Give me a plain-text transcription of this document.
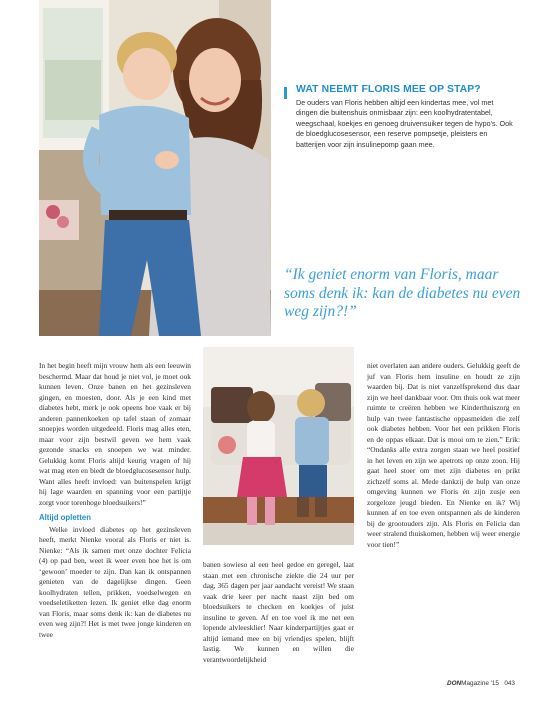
WAT NEEMT FLORIS MEE OP STAP?

De ouders van Floris hebben altijd een kindertas mee, vol met dingen die buitenshuis onmisbaar zijn: een koolhydratentabel, weegschaal, koekjes en genoeg druivensuiker tegen de hypo's. Ook de bloedglucosesensor, een reserve pompsetje, pleisters en batterijen voor zijn insulinepomp gaan mee.

“Ik geniet enorm van Floris, maar soms denk ik: kan de diabetes nu even weg zijn?!”

In het begin heeft mijn vrouw hem als een leeuwin beschermd. Maar dat houd je niet vol, je moet ook kunnen leven. Onze banen en het gezinsleven gingen, en moesten, door. Als je een kind met diabetes hebt, merk je ook opeens hoe vaak er bij anderen pannenkoeken op tafel staan of zomaar snoepjes worden uitgedeeld. Floris mag alles eten, maar voor zijn bestwil geven we hem vaak gezonde snacks en snoepen we wat minder. Gelukkig komt Floris altijd keurig vragen of hij wat mag eten en biedt de bloedglucosesensor hulp. Want alles heeft invloed: van buitenspelen krijgt hij lage waarden en spanning voor een partijtje zorgt voor torenhoge bloedsuikers!”

Altijd opletten

Welke invloed diabetes op het gezinsleven heeft, merkt Nienke vooral als Floris er niet is. Nienke: “Als ik samen met onze dochter Felicia (4) op pad ben, weet ik weer even hoe het is om ‘gewoon’ moeder te zijn. Dan kan ik ontspannen genieten van de dagelijkse dingen. Geen koolhydraten tellen, prikken, voedselwegen en voedseletiketten lezen. Ik geniet elke dag enorm van Floris, maar soms denk ik: kan de diabetes nu even weg zijn?! Het is met twee jonge kinderen en twee

banen sowieso al een heel gedoe en geregel, laat staan met een chronische ziekte die 24 uur per dag, 365 dagen per jaar aandacht vereist! We staan vaak drie keer per nacht naast zijn bed om bloedsuikers te checken en koekjes of juist insuline te geven. Af en toe voel ik me net een lopende alvleesklier! Naar kinderpartijtjes gaat er altijd iemand mee en bij vriendjes spelen, blijft lastig. We kunnen en willen die verantwoordelijkheid

niet overlaten aan andere ouders. Gelukkig geeft de juf van Floris hem insuline en houdt ze zijn waarden bij. Dat is niet vanzelfsprekend dus daar zijn we heel dankbaar voor. Om thuis ook wat meer ruimte te creëren hebben we Kinderthuiszorg en hulp van twee fantastische oppasmeiden die zelf ook diabetes hebben. Voor het een prikken Floris en de oppas elkaar. Dat is mooi om te zien.” Erik: “Ondanks alle extra zorgen staan we heel positief in het leven en zijn we apetrots op onze zoon. Hij gaat heel stoer om met zijn diabetes en prikt zichzelf soms al. Mede dankzij de hulp van onze omgeving kunnen we Floris én zijn zusje een zorgeloze jeugd bieden. En Nienke en ik? Wij kunnen af en toe even ontspannen als de kinderen bij de grootouders zijn. Als Floris en Felicia dan weer stralend thuiskomen, hebben wij weer energie voor tien!”

DONMagazine '15 043
